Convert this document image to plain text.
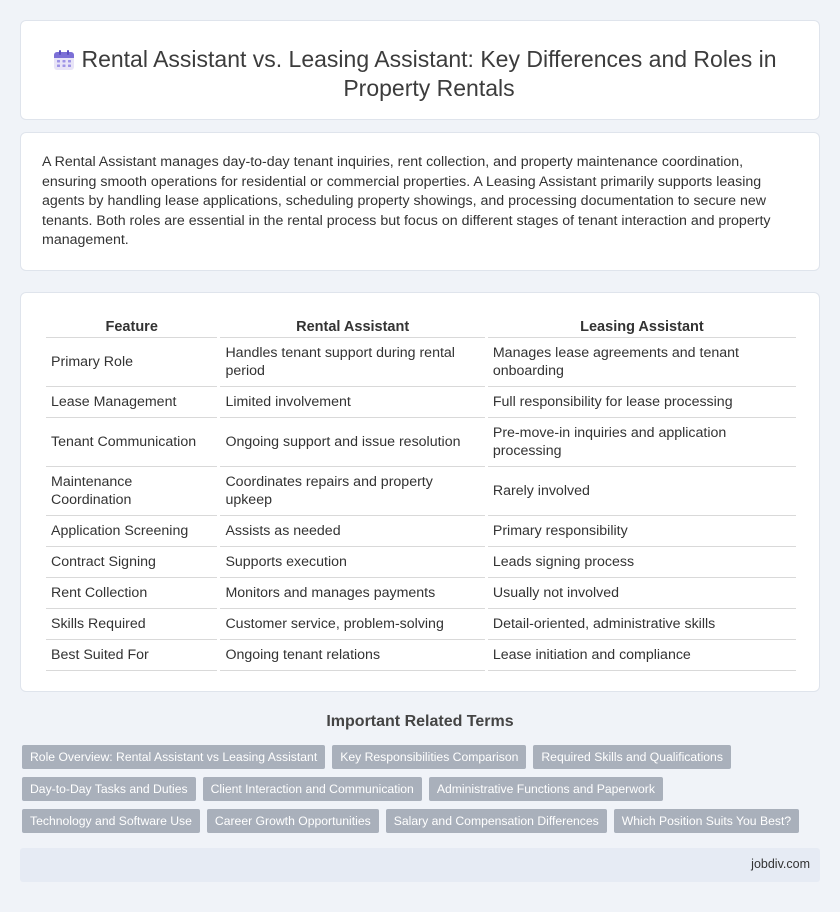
Rental Assistant vs. Leasing Assistant: Key Differences and Roles in Property Rentals

A Rental Assistant manages day-to-day tenant inquiries, rent collection, and property maintenance coordination, ensuring smooth operations for residential or commercial properties. A Leasing Assistant primarily supports leasing agents by handling lease applications, scheduling property showings, and processing documentation to secure new tenants. Both roles are essential in the rental process but focus on different stages of tenant interaction and property management.

Feature	Rental Assistant	Leasing Assistant
Primary Role	Handles tenant support during rental period	Manages lease agreements and tenant onboarding
Lease Management	Limited involvement	Full responsibility for lease processing
Tenant Communication	Ongoing support and issue resolution	Pre-move-in inquiries and application processing
Maintenance Coordination	Coordinates repairs and property upkeep	Rarely involved
Application Screening	Assists as needed	Primary responsibility
Contract Signing	Supports execution	Leads signing process
Rent Collection	Monitors and manages payments	Usually not involved
Skills Required	Customer service, problem-solving	Detail-oriented, administrative skills
Best Suited For	Ongoing tenant relations	Lease initiation and compliance
Important Related Terms
Role Overview: Rental Assistant vs Leasing Assistant	Key Responsibilities Comparison	Required Skills and Qualifications
Day-to-Day Tasks and Duties	Client Interaction and Communication	Administrative Functions and Paperwork
Technology and Software Use	Career Growth Opportunities	Salary and Compensation Differences	Which Position Suits You Best?
jobdiv.com
